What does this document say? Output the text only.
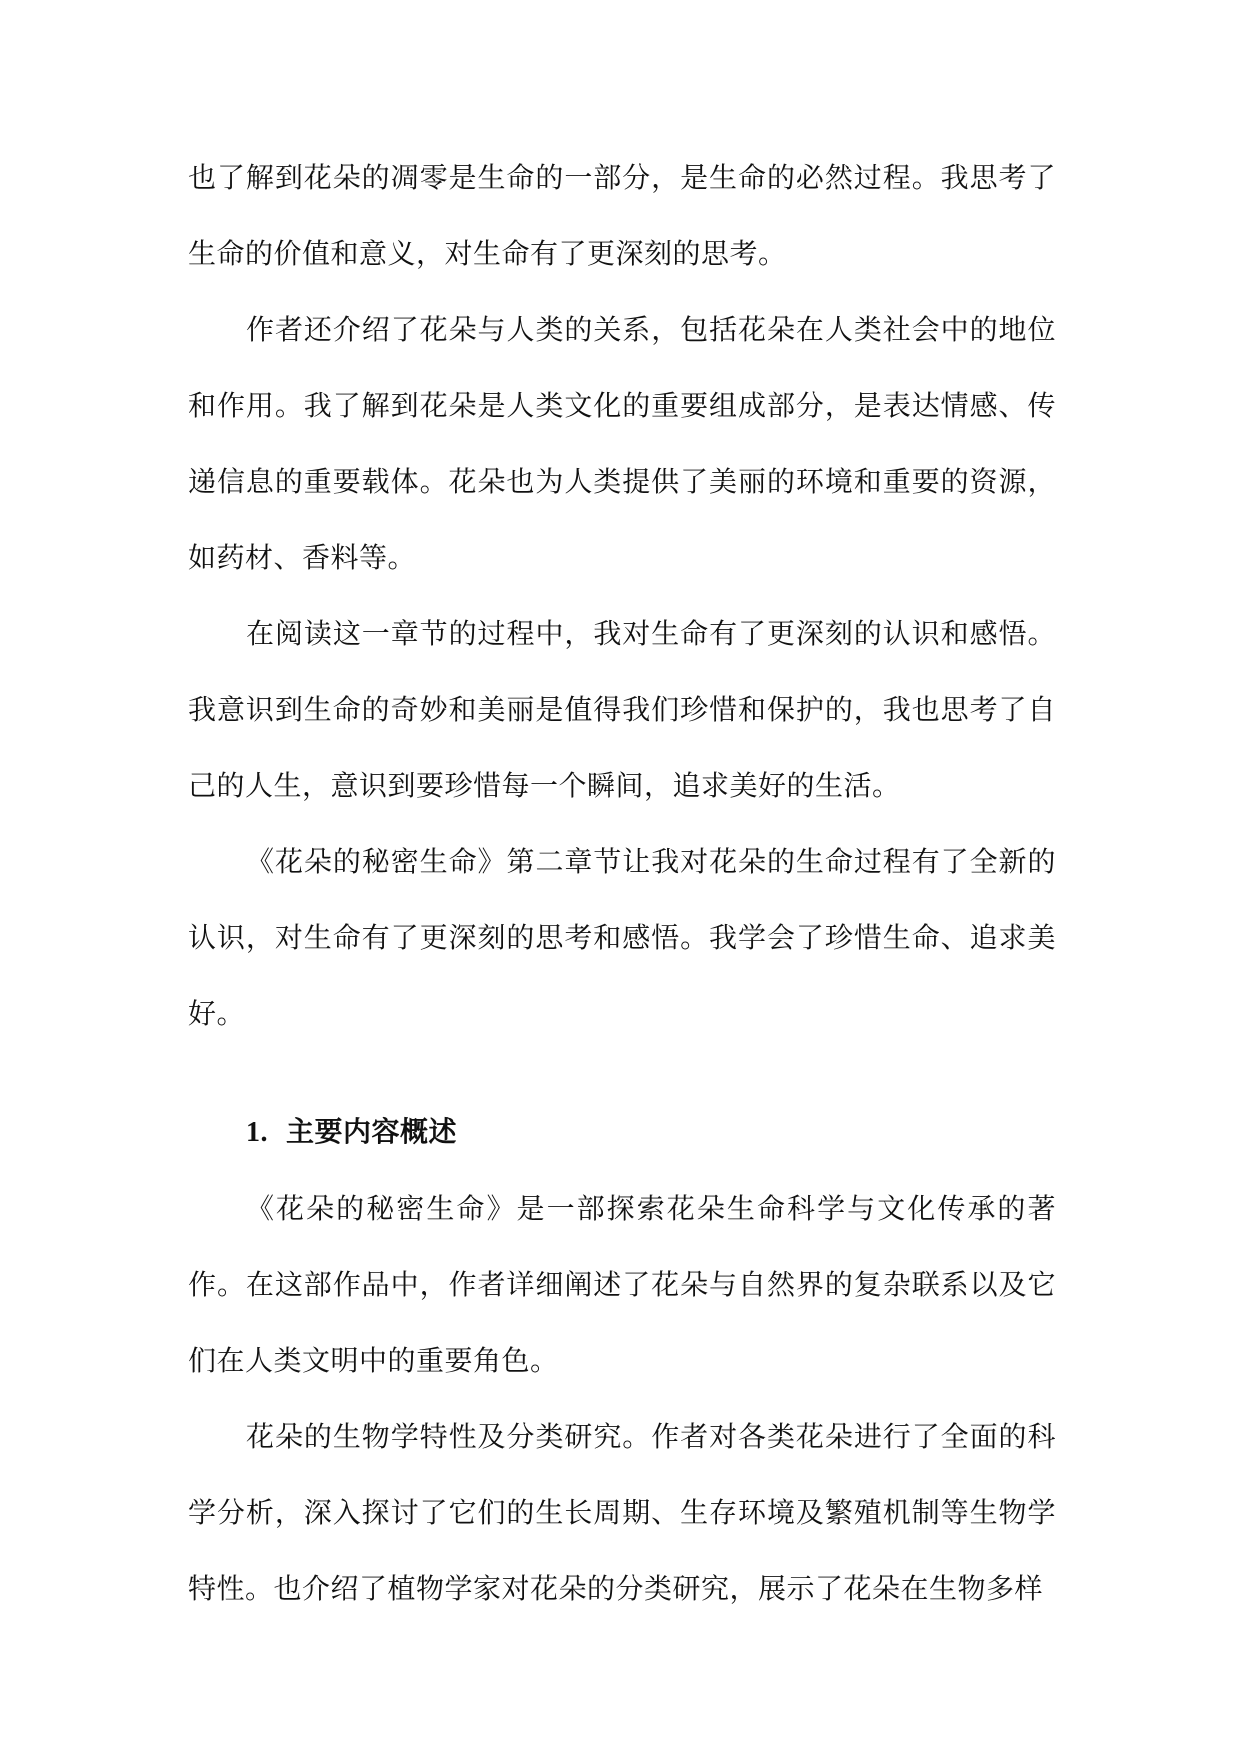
也了解到花朵的凋零是生命的一部分，是生命的必然过程。我思考了生命的价值和意义，对生命有了更深刻的思考。

作者还介绍了花朵与人类的关系，包括花朵在人类社会中的地位和作用。我了解到花朵是人类文化的重要组成部分，是表达情感、传递信息的重要载体。花朵也为人类提供了美丽的环境和重要的资源，如药材、香料等。

在阅读这一章节的过程中，我对生命有了更深刻的认识和感悟。我意识到生命的奇妙和美丽是值得我们珍惜和保护的，我也思考了自己的人生，意识到要珍惜每一个瞬间，追求美好的生活。

《花朵的秘密生命》第二章节让我对花朵的生命过程有了全新的认识，对生命有了更深刻的思考和感悟。我学会了珍惜生命、追求美好。

1. 主要内容概述

《花朵的秘密生命》是一部探索花朵生命科学与文化传承的著作。在这部作品中，作者详细阐述了花朵与自然界的复杂联系以及它们在人类文明中的重要角色。

花朵的生物学特性及分类研究。作者对各类花朵进行了全面的科学分析，深入探讨了它们的生长周期、生存环境及繁殖机制等生物学特性。也介绍了植物学家对花朵的分类研究，展示了花朵在生物多样
